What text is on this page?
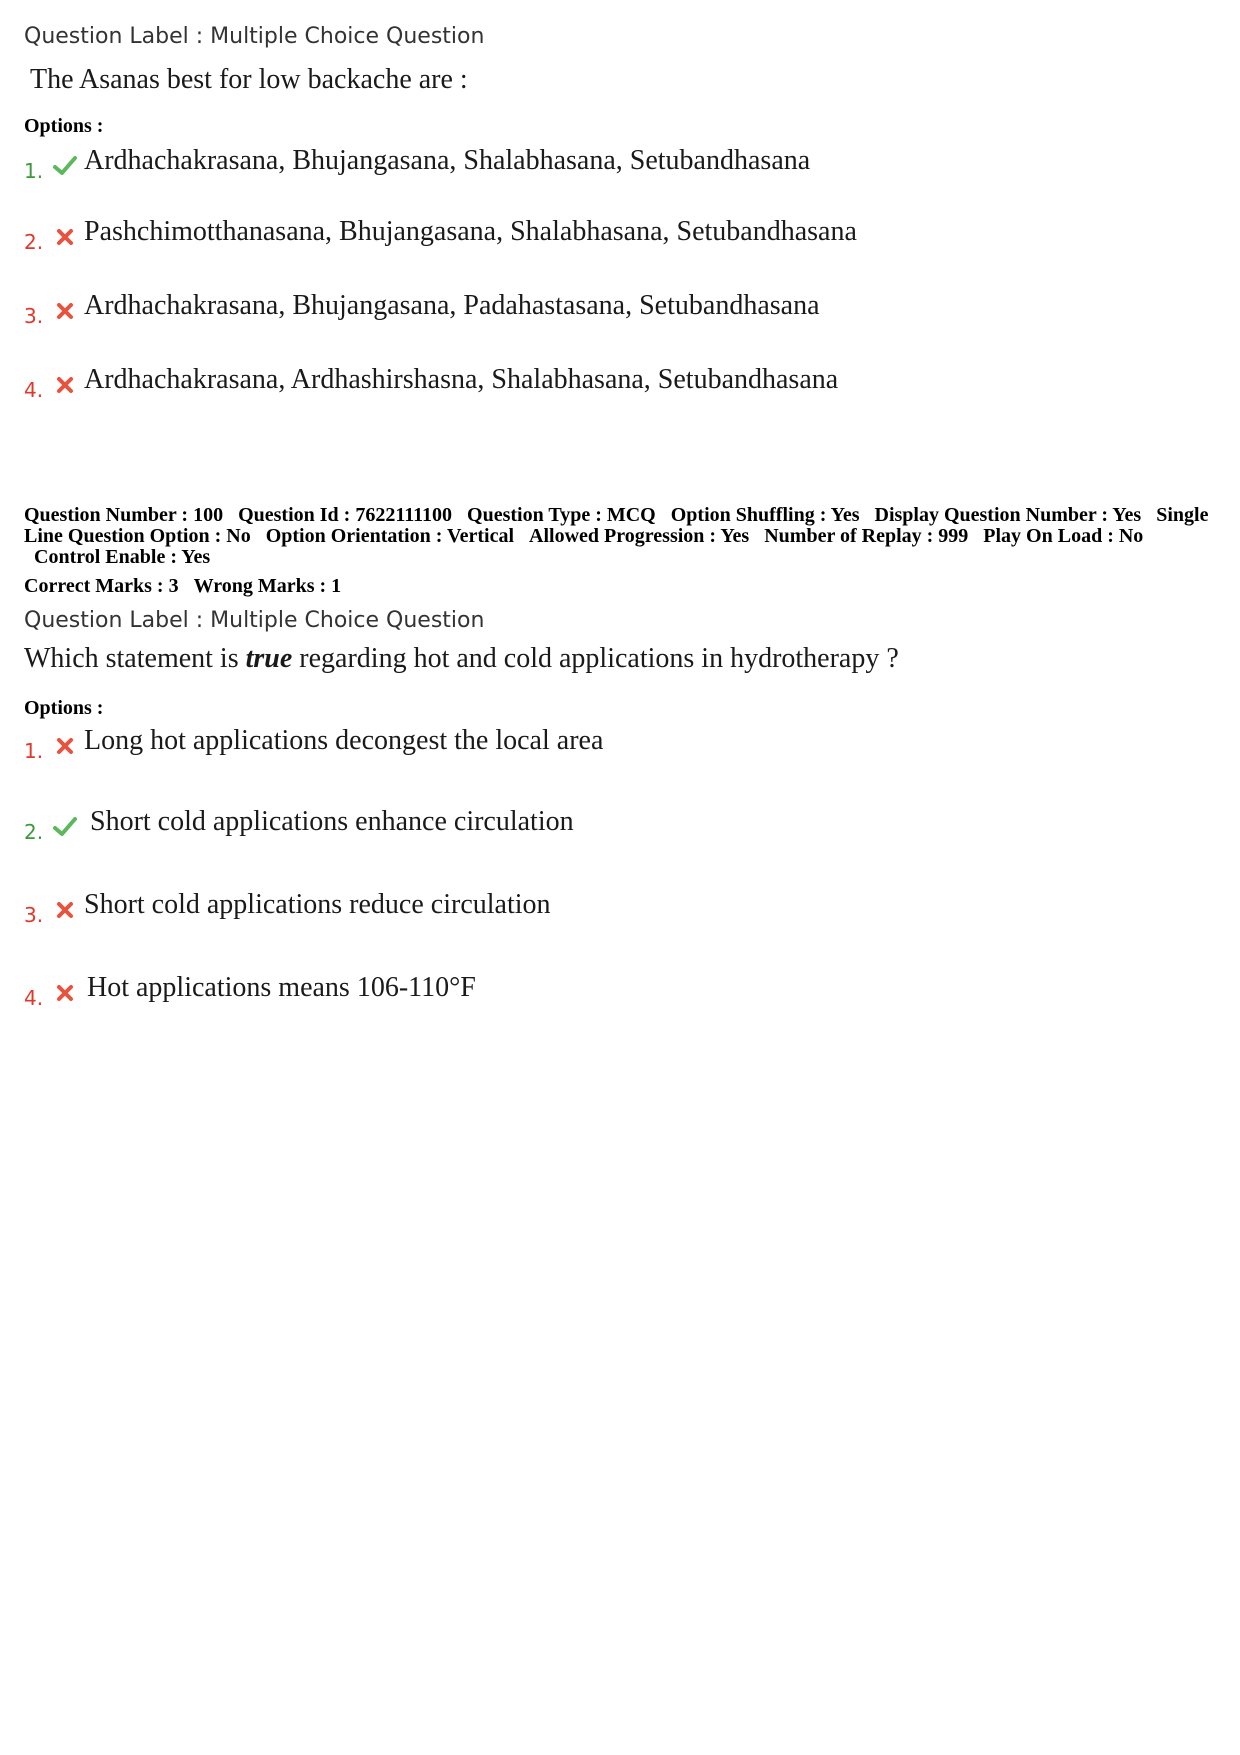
Question Label : Multiple Choice Question
The Asanas best for low backache are :
Options :
1. Ardhachakrasana, Bhujangasana, Shalabhasana, Setubandhasana
2. Pashchimotthanasana, Bhujangasana, Shalabhasana, Setubandhasana
3. Ardhachakrasana, Bhujangasana, Padahastasana, Setubandhasana
4. Ardhachakrasana, Ardhashirshasna, Shalabhasana, Setubandhasana
Question Number : 100 Question Id : 7622111100 Question Type : MCQ Option Shuffling : Yes Display Question Number : Yes Single Line Question Option : No Option Orientation : Vertical Allowed Progression : Yes Number of Replay : 999 Play On Load : No Control Enable : Yes
Correct Marks : 3 Wrong Marks : 1
Question Label : Multiple Choice Question
Which statement is true regarding hot and cold applications in hydrotherapy ?
Options :
1. Long hot applications decongest the local area
2. Short cold applications enhance circulation
3. Short cold applications reduce circulation
4. Hot applications means 106-110°F
